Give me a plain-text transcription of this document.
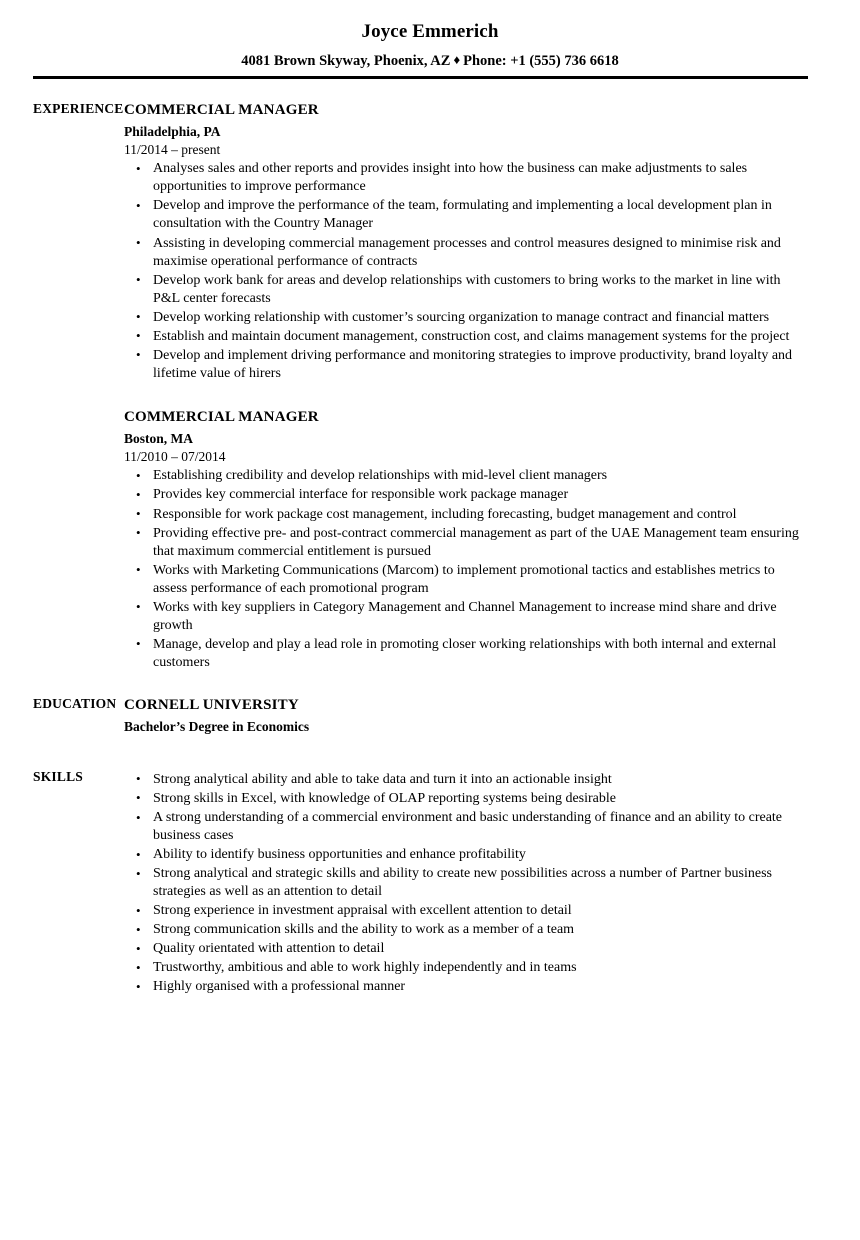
Joyce Emmerich
4081 Brown Skyway, Phoenix, AZ ♦ Phone: +1 (555) 736 6618
EXPERIENCE COMMERCIAL MANAGER
Philadelphia, PA
11/2014 – present
• Analyses sales and other reports and provides insight into how the business can make adjustments to sales opportunities to improve performance
• Develop and improve the performance of the team, formulating and implementing a local development plan in consultation with the Country Manager
• Assisting in developing commercial management processes and control measures designed to minimise risk and maximise operational performance of contracts
• Develop work bank for areas and develop relationships with customers to bring works to the market in line with P&L center forecasts
• Develop working relationship with customer’s sourcing organization to manage contract and financial matters
• Establish and maintain document management, construction cost, and claims management systems for the project
• Develop and implement driving performance and monitoring strategies to improve productivity, brand loyalty and lifetime value of hirers
COMMERCIAL MANAGER
Boston, MA
11/2010 – 07/2014
• Establishing credibility and develop relationships with mid-level client managers
• Provides key commercial interface for responsible work package manager
• Responsible for work package cost management, including forecasting, budget management and control
• Providing effective pre- and post-contract commercial management as part of the UAE Management team ensuring that maximum commercial entitlement is pursued
• Works with Marketing Communications (Marcom) to implement promotional tactics and establishes metrics to assess performance of each promotional program
• Works with key suppliers in Category Management and Channel Management to increase mind share and drive growth
• Manage, develop and play a lead role in promoting closer working relationships with both internal and external customers
EDUCATION CORNELL UNIVERSITY
Bachelor’s Degree in Economics
SKILLS	• Strong analytical ability and able to take data and turn it into an actionable insight
• Strong skills in Excel, with knowledge of OLAP reporting systems being desirable
• A strong understanding of a commercial environment and basic understanding of finance and an ability to create business cases
• Ability to identify business opportunities and enhance profitability
• Strong analytical and strategic skills and ability to create new possibilities across a number of Partner business strategies as well as an attention to detail
• Strong experience in investment appraisal with excellent attention to detail
• Strong communication skills and the ability to work as a member of a team
• Quality orientated with attention to detail
• Trustworthy, ambitious and able to work highly independently and in teams
• Highly organised with a professional manner
